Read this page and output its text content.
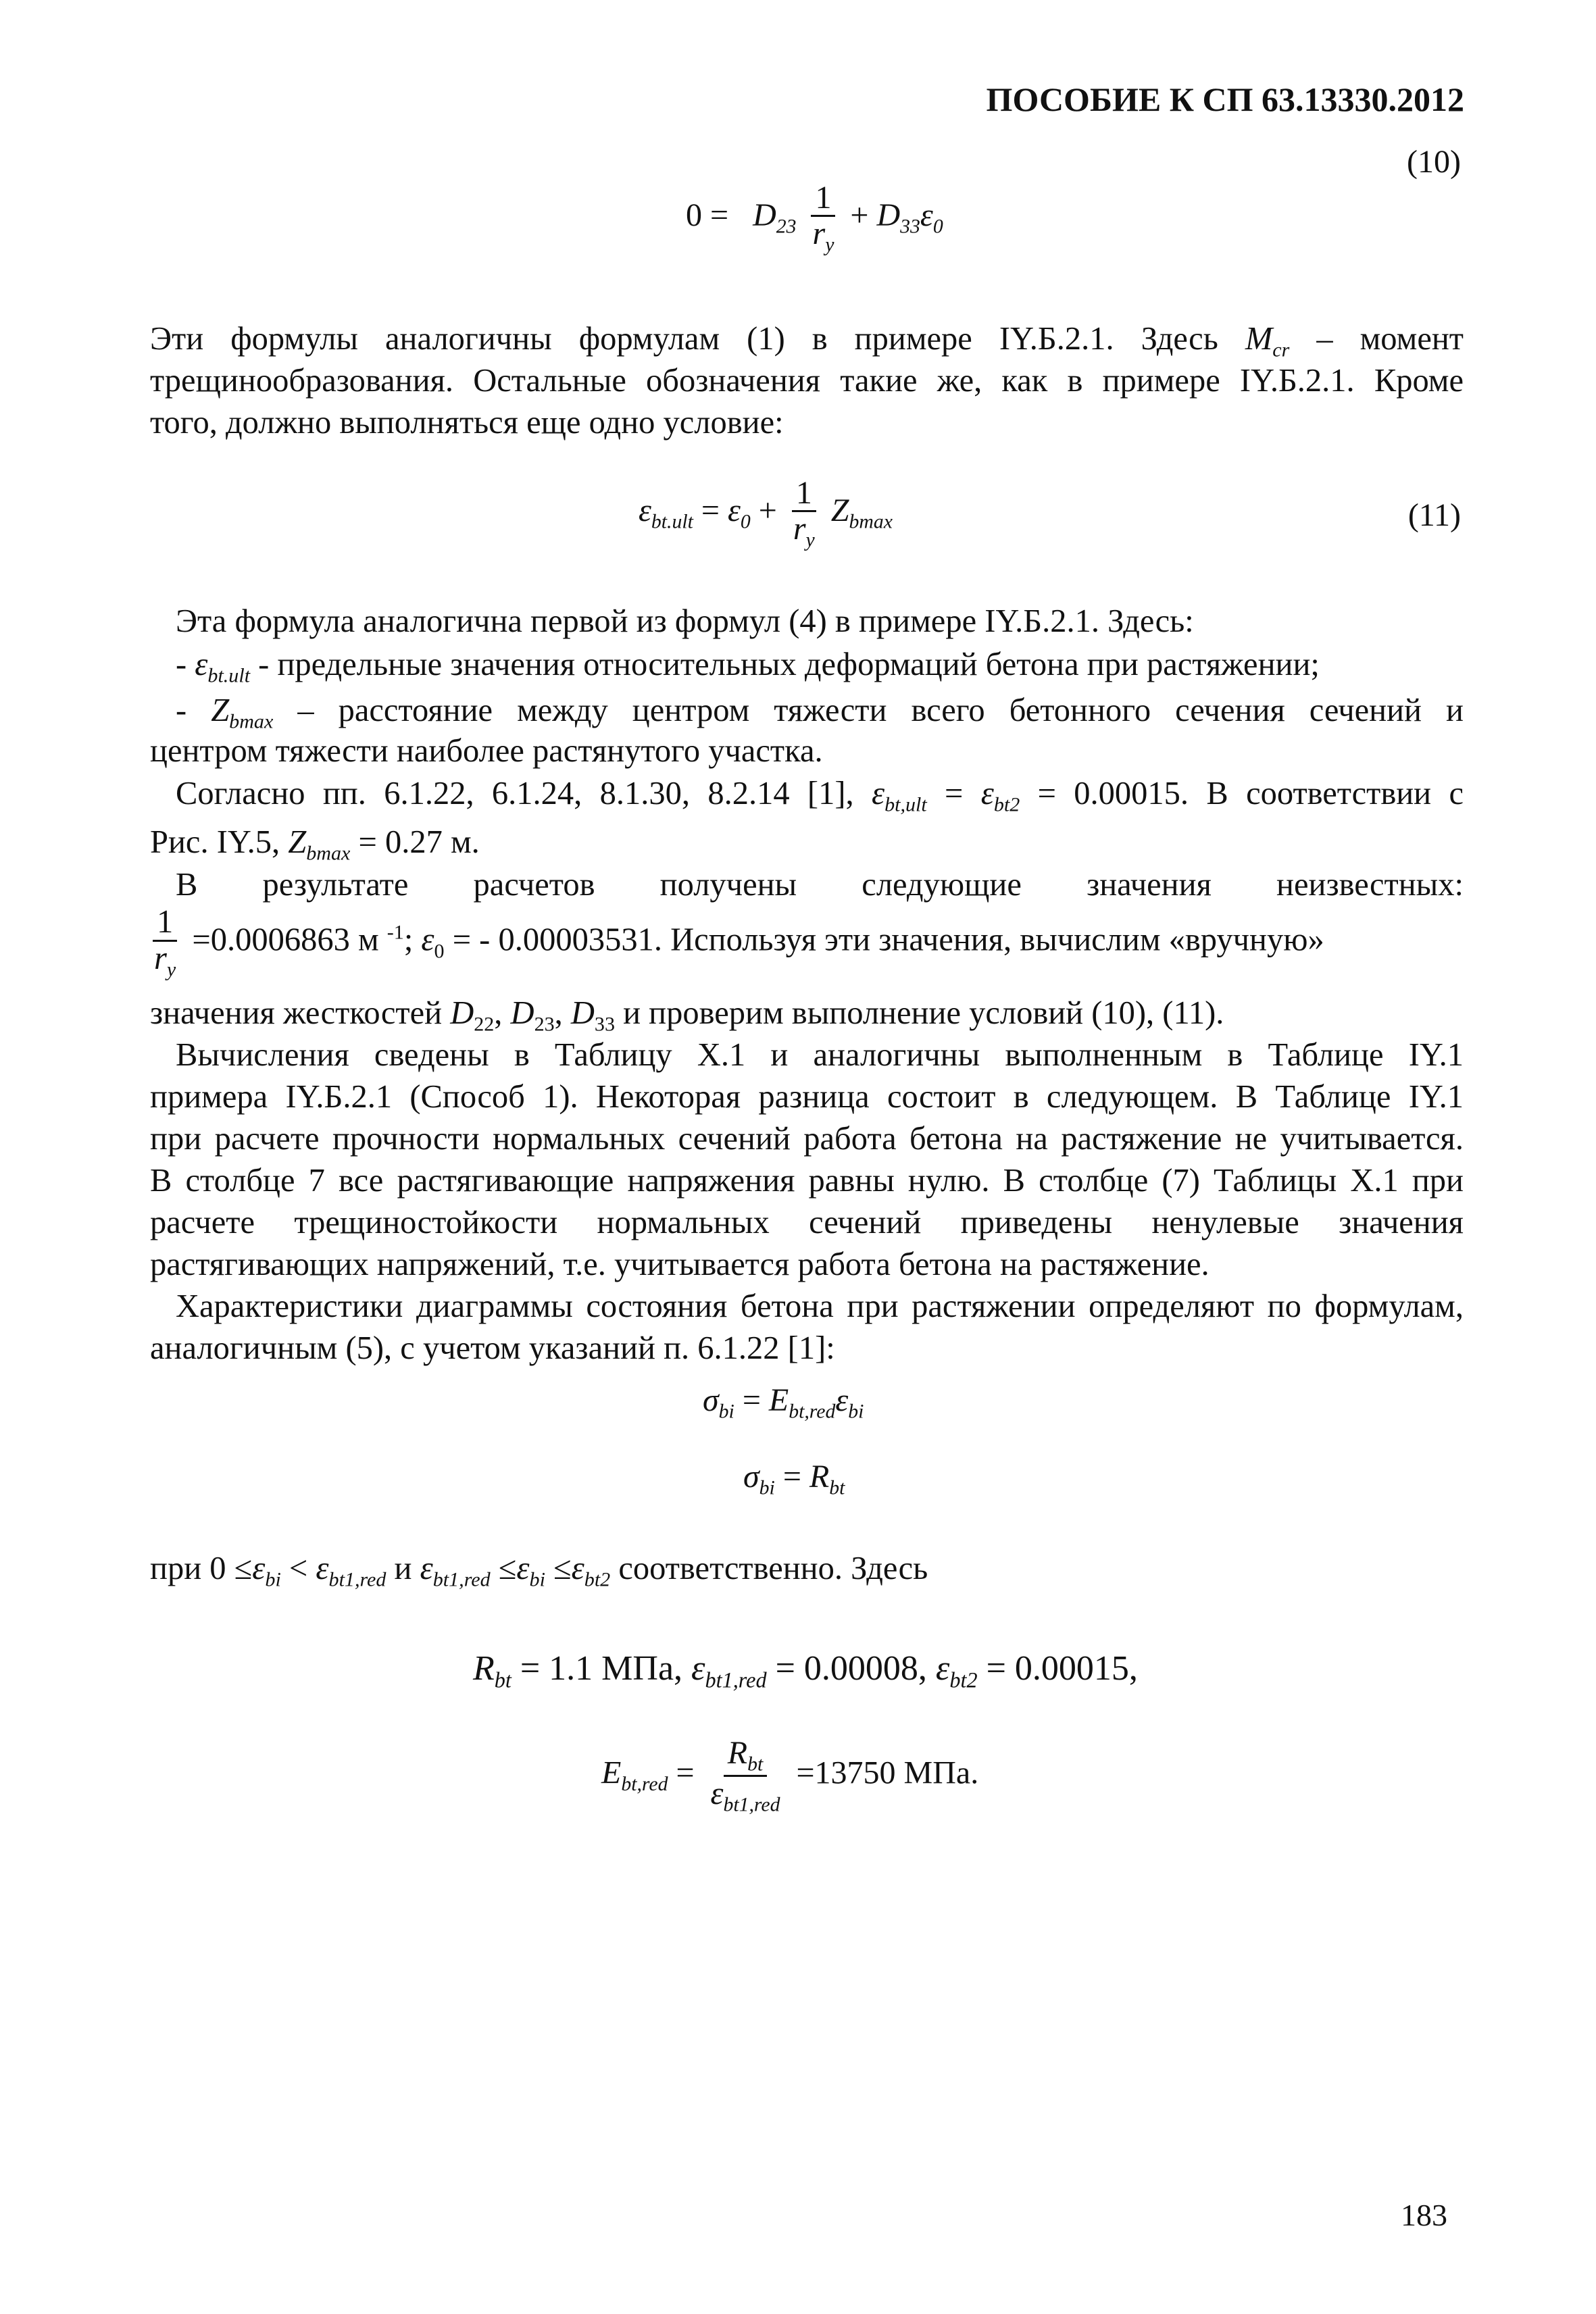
ПОСОБИЕ К СП 63.13330.2012
(10)
$0 = D_{23} \frac{1}{r_y} + D_{33}\varepsilon_0$
Эти формулы аналогичны формулам (1) в примере IY.Б.2.1. Здесь $M_{cr}$ – момент
трещинообразования. Остальные обозначения такие же, как в примере IY.Б.2.1. Кроме
того, должно выполняться еще одно условие:
(11)
$\varepsilon_{bt.ult} = \varepsilon_0 + \frac{1}{r_y} Z_{bmax}$
Эта формула аналогична первой из формул (4) в примере IY.Б.2.1. Здесь:
- $\varepsilon_{bt.ult}$ - предельные значения относительных деформаций бетона при растяжении;
- $Z_{bmax}$ – расстояние между центром тяжести всего бетонного сечения сечений и
центром тяжести наиболее растянутого участка.
Согласно пп. 6.1.22, 6.1.24, 8.1.30, 8.2.14 [1], $\varepsilon_{bt,ult} = \varepsilon_{bt2} = 0.00015$. В соответствии с
Рис. IY.5, $Z_{bmax} = 0.27$ м.
В результате расчетов получены следующие значения неизвестных:
$\frac{1}{r_y} =0.0006863$ м $^{-1}$; $\varepsilon_0$ = - 0.00003531. Используя эти значения, вычислим «вручную»
значения жесткостей $D_{22}$, $D_{23}$, $D_{33}$ и проверим выполнение условий (10), (11).
Вычисления сведены в Таблицу Х.1 и аналогичны выполненным в Таблице IY.1
примера IY.Б.2.1 (Способ 1). Некоторая разница состоит в следующем. В Таблице IY.1
при расчете прочности нормальных сечений работа бетона на растяжение не учитывается.
В столбце 7 все растягивающие напряжения равны нулю. В столбце (7) Таблицы Х.1 при
расчете трещиностойкости нормальных сечений приведены ненулевые значения
растягивающих напряжений, т.е. учитывается работа бетона на растяжение.
Характеристики диаграммы состояния бетона при растяжении определяют по формулам,
аналогичным (5), с учетом указаний п. 6.1.22 [1]:
$\sigma_{bi} = E_{bt,red}\varepsilon_{bi}$
$\sigma_{bi} = R_{bt}$
при $0 \le\varepsilon_{bi} < \varepsilon_{bt1,red}$ и $\varepsilon_{bt1,red} \le\varepsilon_{bi} \le\varepsilon_{bt2}$ соответственно. Здесь
$R_{bt} = 1.1$ МПа, $\varepsilon_{bt1,red} = 0.00008$, $\varepsilon_{bt2} = 0.00015$,
$E_{bt,red} = \frac{R_{bt}}{\varepsilon_{bt1,red}} =13750$ МПа.
183
